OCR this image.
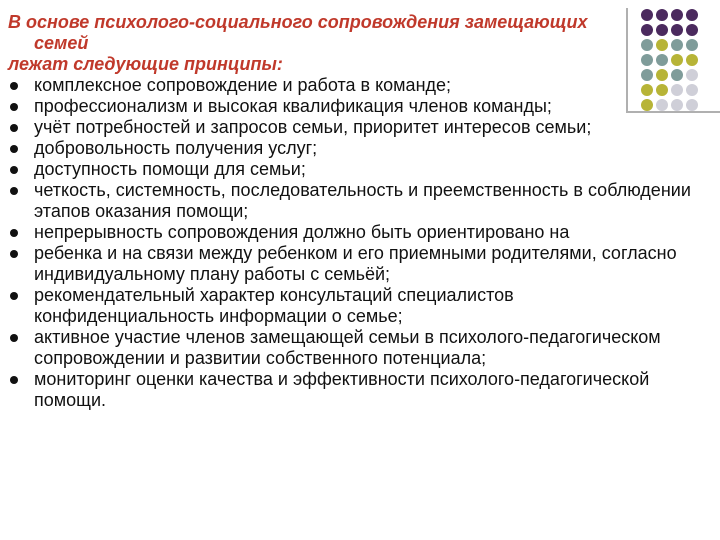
В основе психолого-социального сопровождения замещающих
семей
лежат следующие принципы:
комплексное сопровождение и работа в команде;
профессионализм и высокая квалификация членов команды;
учёт потребностей и запросов семьи, приоритет интересов семьи;
добровольность получения услуг;
доступность помощи для семьи;
четкость, системность, последовательность и преемственность в соблюдении этапов оказания помощи;
непрерывность сопровождения должно быть ориентировано на
ребенка и на связи между ребенком и его приемными родителями, согласно индивидуальному плану работы с семьёй;
рекомендательный характер консультаций специалистов конфиденциальность информации о семье;
активное участие членов замещающей семьи в психолого-педагогическом сопровождении и развитии собственного потенциала;
мониторинг оценки качества и эффективности психолого-педагогической помощи.
